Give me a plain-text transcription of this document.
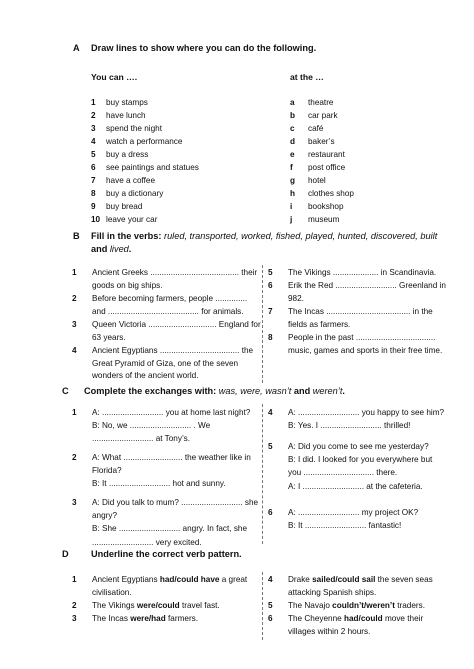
A Draw lines to show where you can do the following.
You can ….	at the …
1	buy stamps
2	have lunch
3	spend the night
4	watch a performance
5	buy a dress
6	see paintings and statues
7	have a coffee
8	buy a dictionary
9	buy bread
10 leave your car
a	theatre
b	car park
c	café
d	baker’s
e	restaurant
f	post office
g	hotel
h	clothes shop
i	bookshop
j	museum
B Fill in the verbs: ruled, transported, worked, fished, played, hunted, discovered, built
and lived.
1 Ancient Greeks ....................................... their
goods on big ships.
2 Before becoming farmers, people ..............
and ........................................ for animals.
3 Queen Victoria .............................. England for
63 years.
4 Ancient Egyptians ................................... the
Great Pyramid of Giza, one of the seven
wonders of the ancient world.
5 The Vikings .................... in Scandinavia.
6 Erik the Red ........................... Greenland in
982.
7 The Incas ..................................... in the
fields as farmers.
8 People in the past ...................................
music, games and sports in their free time.
C Complete the exchanges with: was, were, wasn’t and weren’t.
1 A: ........................... you at home last night?
B: No, we ........................... . We
........................... at Tony’s.
2 A: What .......................... the weather like in
Florida?
B: It ........................... hot and sunny.
3 A: Did you talk to mum? ........................... she
angry?
B: She ........................... angry. In fact, she
........................... very excited.
4 A: ........................... you happy to see him?
B: Yes. I ........................... thrilled!
5 A: Did you come to see me yesterday?
B: I did. I looked for you everywhere but
you ............................... there.
A: I ........................... at the cafeteria.
6 A: ........................... my project OK?
B: It ........................... fantastic!
D Underline the correct verb pattern.
1 Ancient Egyptians had/could have a great
civilisation.
2 The Vikings were/could travel fast.
3 The Incas were/had farmers.
4 Drake sailed/could sail the seven seas
attacking Spanish ships.
5 The Navajo couldn’t/weren’t traders.
6 The Cheyenne had/could move their
villages within 2 hours.
